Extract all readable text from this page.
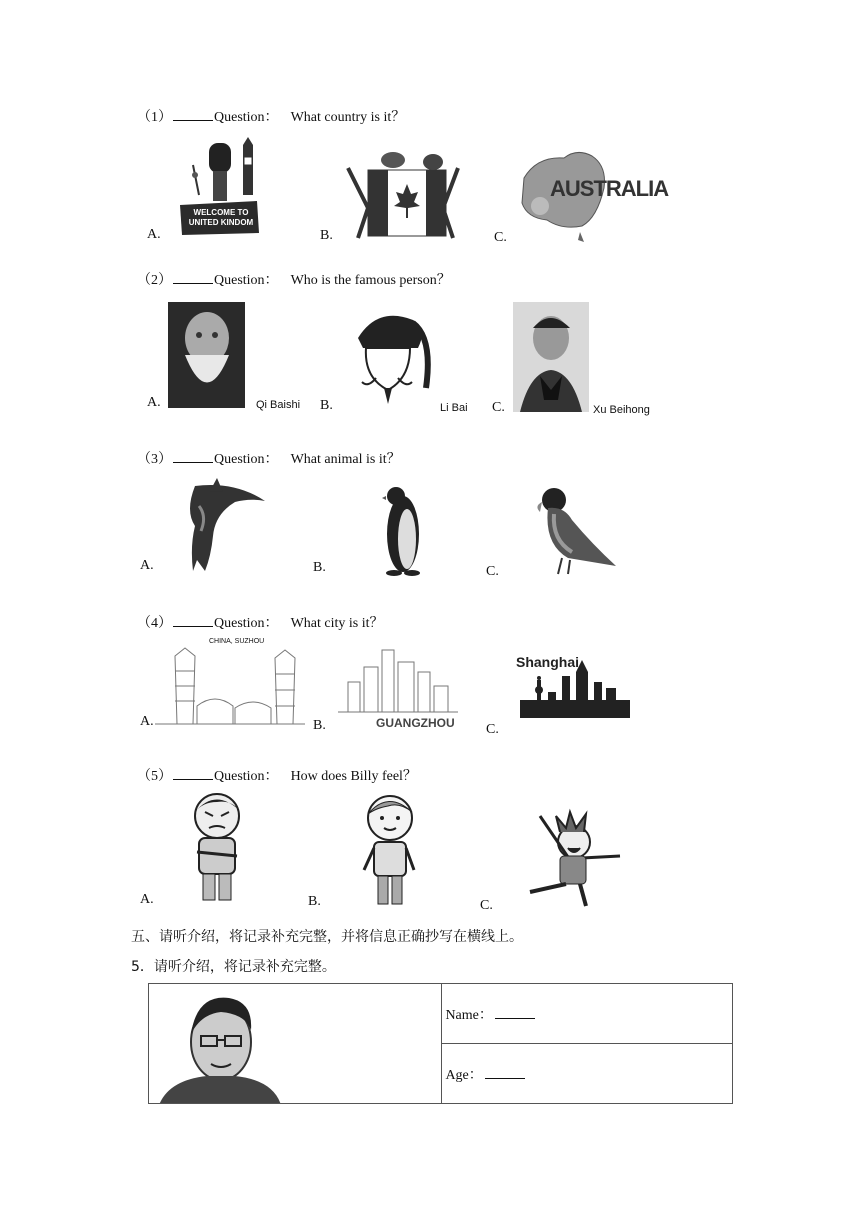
（1）	Question： What country is it？
A.
WELCOME TO UNITED KINDOM
B.	C.
AUSTRALIA
（2）	Question： Who is the famous person？
A.	Qi Baishi B.	Li Bai C.	Xu Beihong
（3）	Question： What animal is it？
A.	B.	C.
（4）	Question： What city is it？
A.
CHINA, SUZHOU
B.	GUANGZHOU C.
Shanghai
（5）	Question： How does Billy feel？
A.	B.	C.
五、请听介绍，将记录补充完整，并将信息正确抄写在横线上。
5．请听介绍，将记录补充完整。
	Name：
Age：
